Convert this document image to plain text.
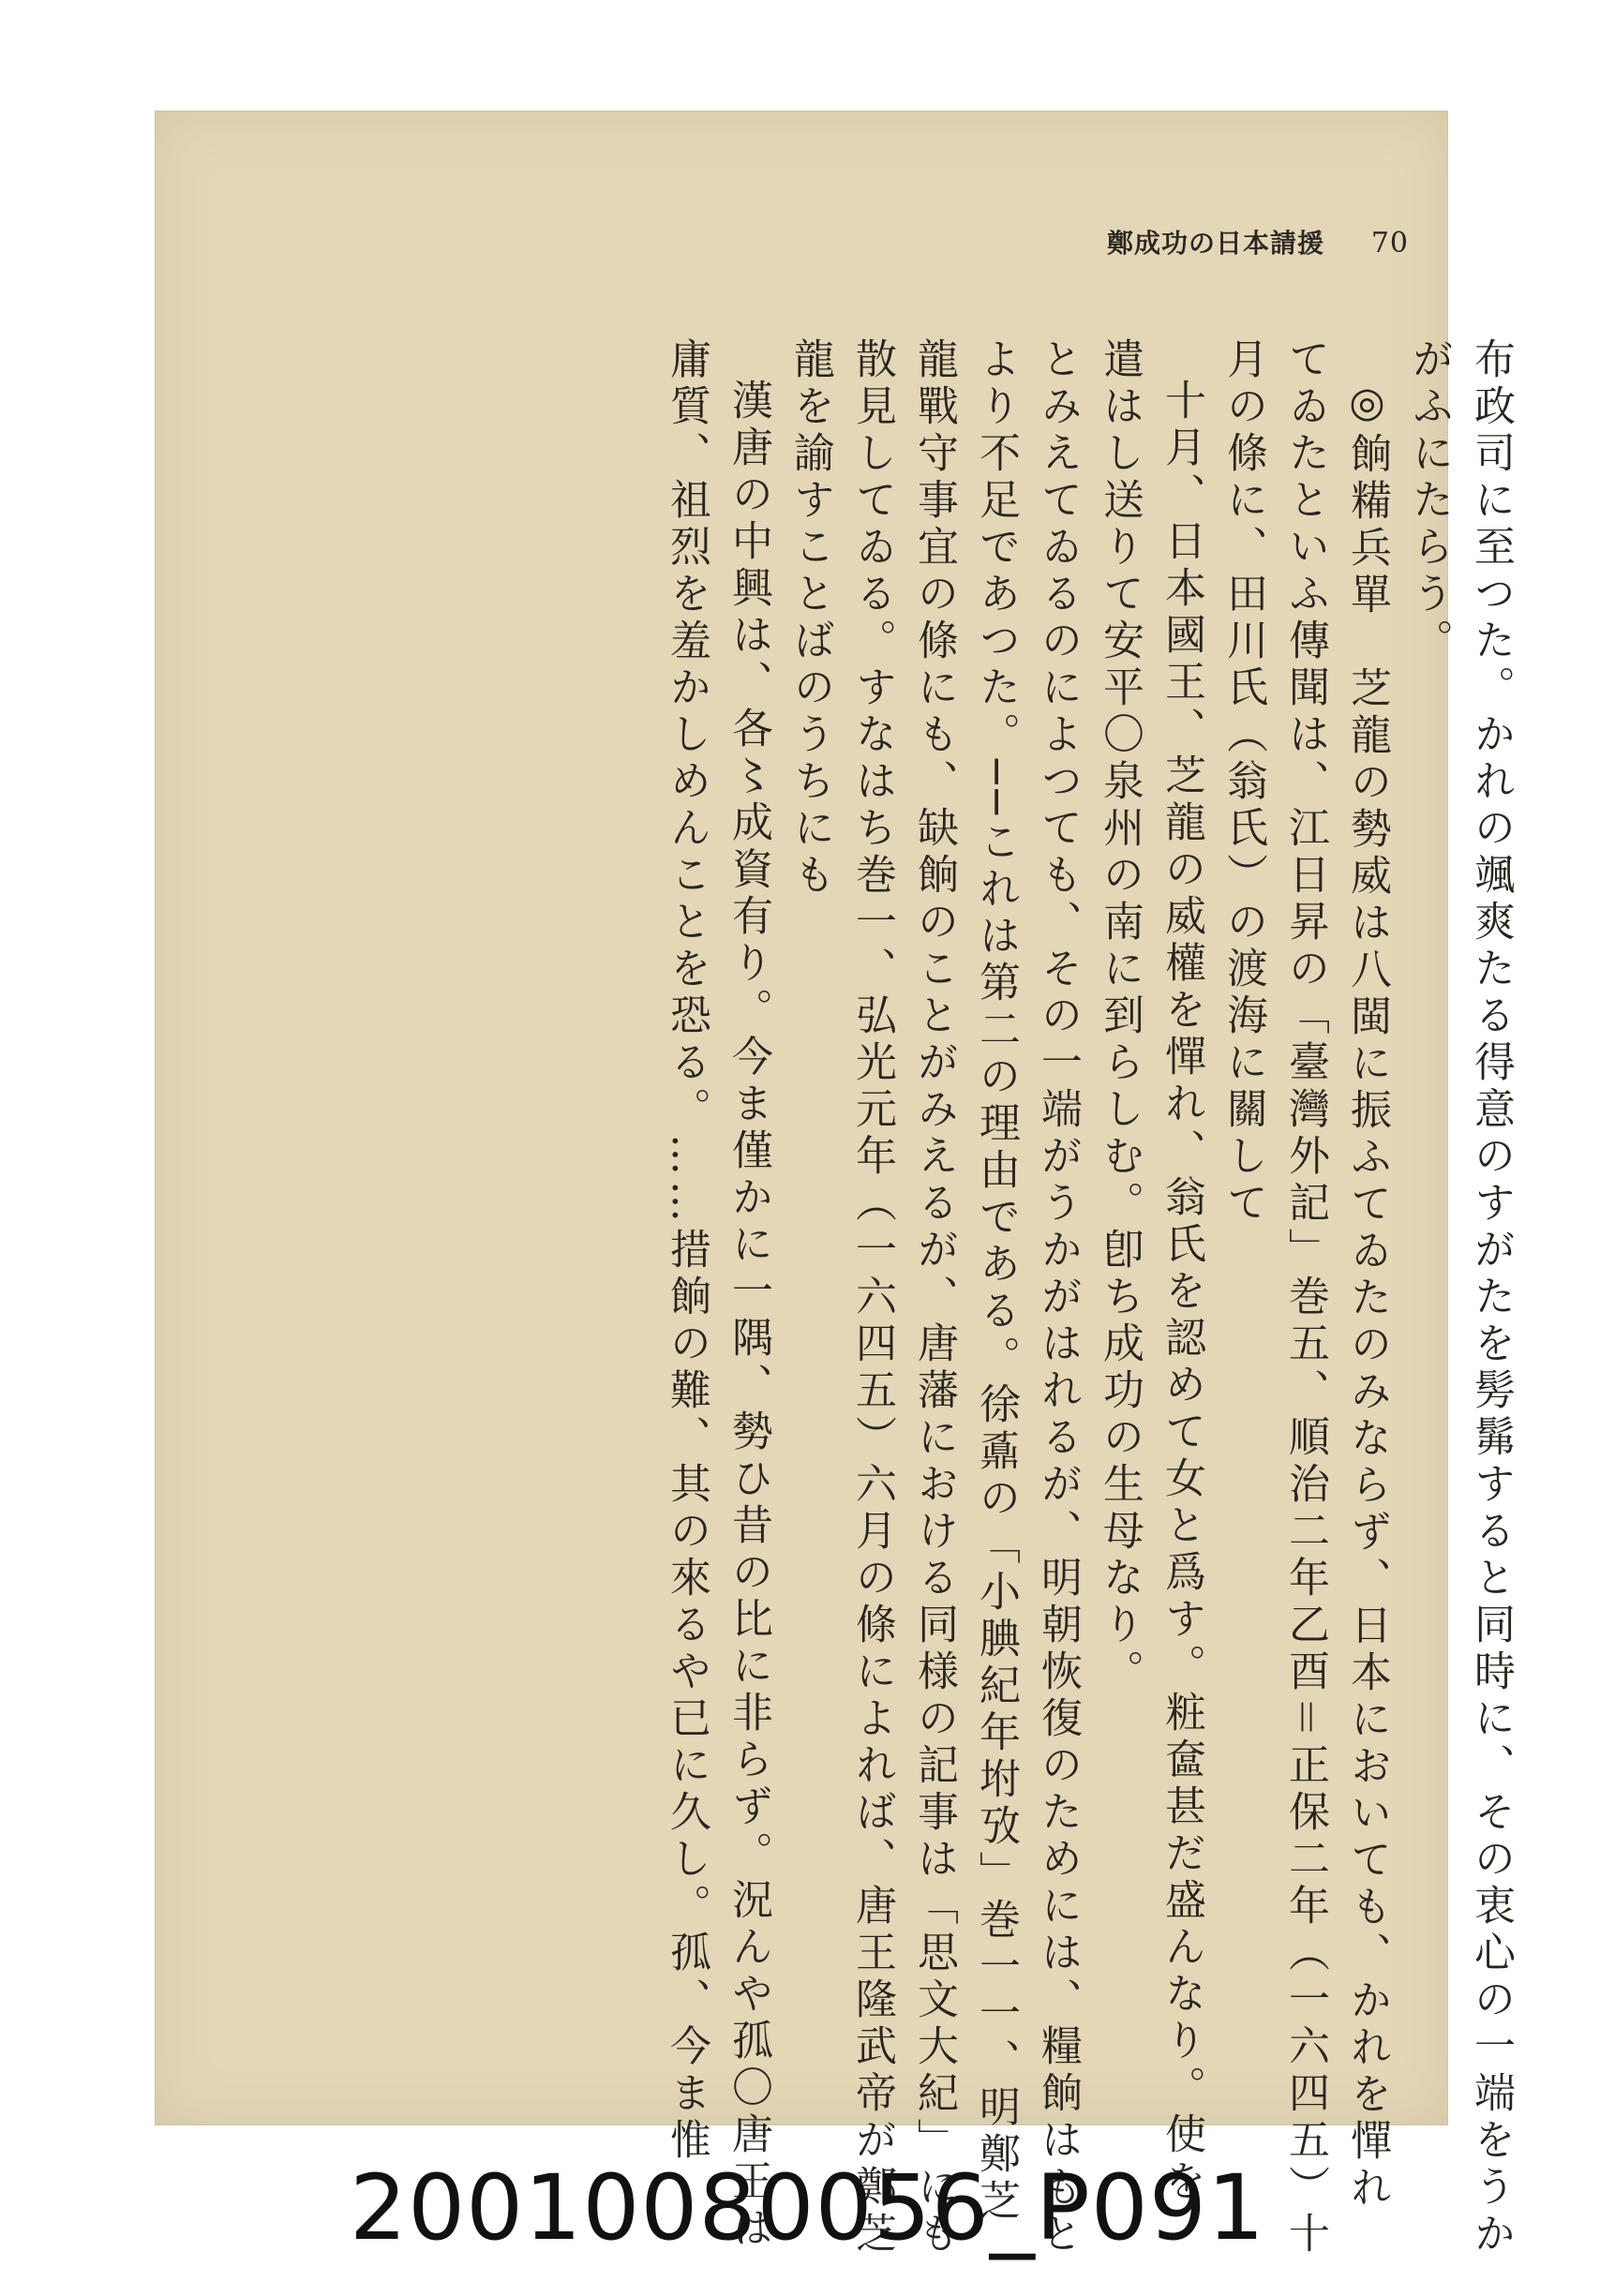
70
鄭成功の日本請援

布政司に至つた。かれの颯爽たる得意のすがたを髣髴すると同時に、その衷心の一端をうか

がふにたらう。

◎餉糒兵單　芝龍の勢威は八閩に振ふてゐたのみならず、日本においても、かれを憚れ

てゐたといふ傳聞は、江日昇の「臺灣外記」巻五、順治二年乙酉＝正保二年（一六四五）十

月の條に、田川氏（翁氏）の渡海に關して

十月、日本國王、芝龍の威權を憚れ、翁氏を認めて女と爲す。粧奩甚だ盛んなり。使を

遣はし送りて安平〇泉州の南に到らしむ。卽ち成功の生母なり。

とみえてゐるのによつても、その一端がうかがはれるが、明朝恢復のためには、糧餉はもと

より不足であつた。──これは第二の理由である。徐鼒の「小腆紀年坿攷」巻一一、明鄭芝

龍戰守事宜の條にも、缺餉のことがみえるが、唐藩における同様の記事は「思文大紀」にも

散見してゐる。すなはち巻一、弘光元年（一六四五）六月の條によれば、唐王隆武帝が鄭芝

龍を諭すことばのうちにも

漢唐の中興は、各〻成資有り。今ま僅かに一隅、勢ひ昔の比に非らず。況んや孤〇唐王は

庸質、祖烈を羞かしめんことを恐る。……措餉の難、其の來るや已に久し。孤、今ま惟

20010080056_P091
